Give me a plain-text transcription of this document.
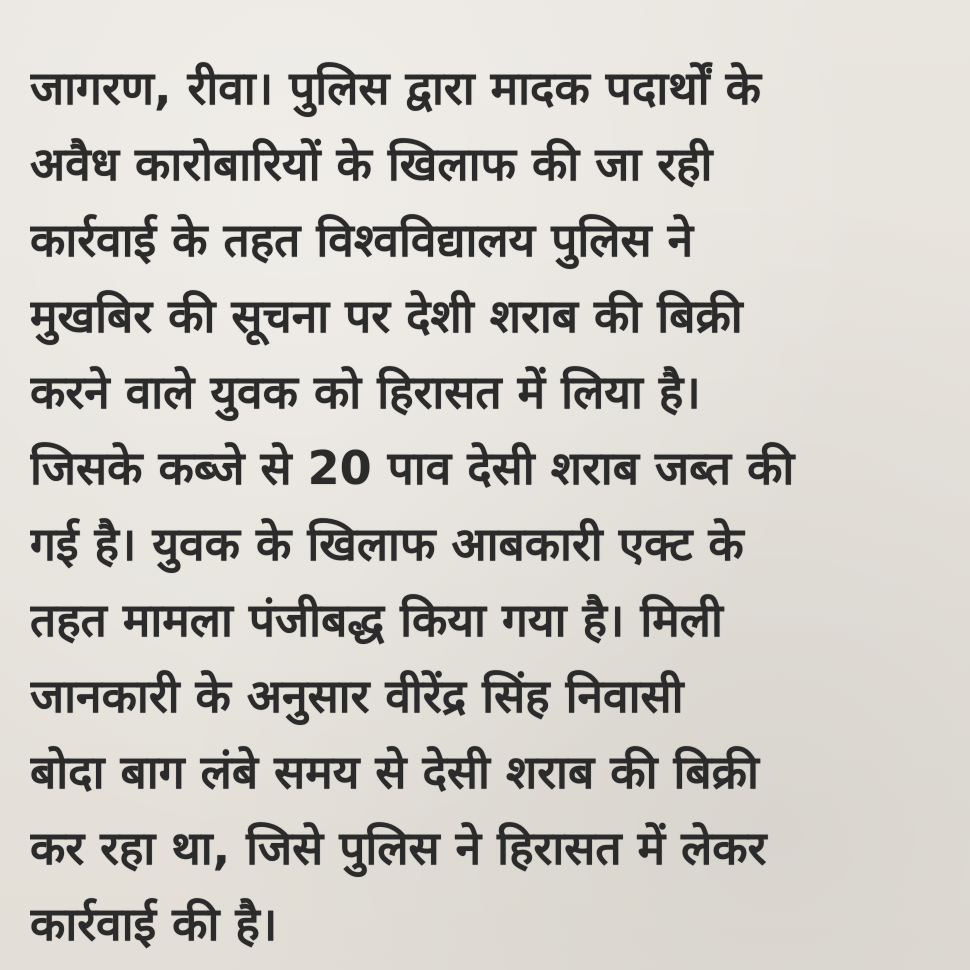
जागरण, रीवा। पुलिस द्वारा मादक पदार्थों के
अवैध कारोबारियों के खिलाफ की जा रही
कार्रवाई के तहत विश्वविद्यालय पुलिस ने
मुखबिर की सूचना पर देशी शराब की बिक्री
करने वाले युवक को हिरासत में लिया है।
जिसके कब्जे से 20 पाव देसी शराब जब्त की
गई है। युवक के खिलाफ आबकारी एक्ट के
तहत मामला पंजीबद्ध किया गया है। मिली
जानकारी के अनुसार वीरेंद्र सिंह निवासी
बोदा बाग लंबे समय से देसी शराब की बिक्री
कर रहा था, जिसे पुलिस ने हिरासत में लेकर
कार्रवाई की है।
